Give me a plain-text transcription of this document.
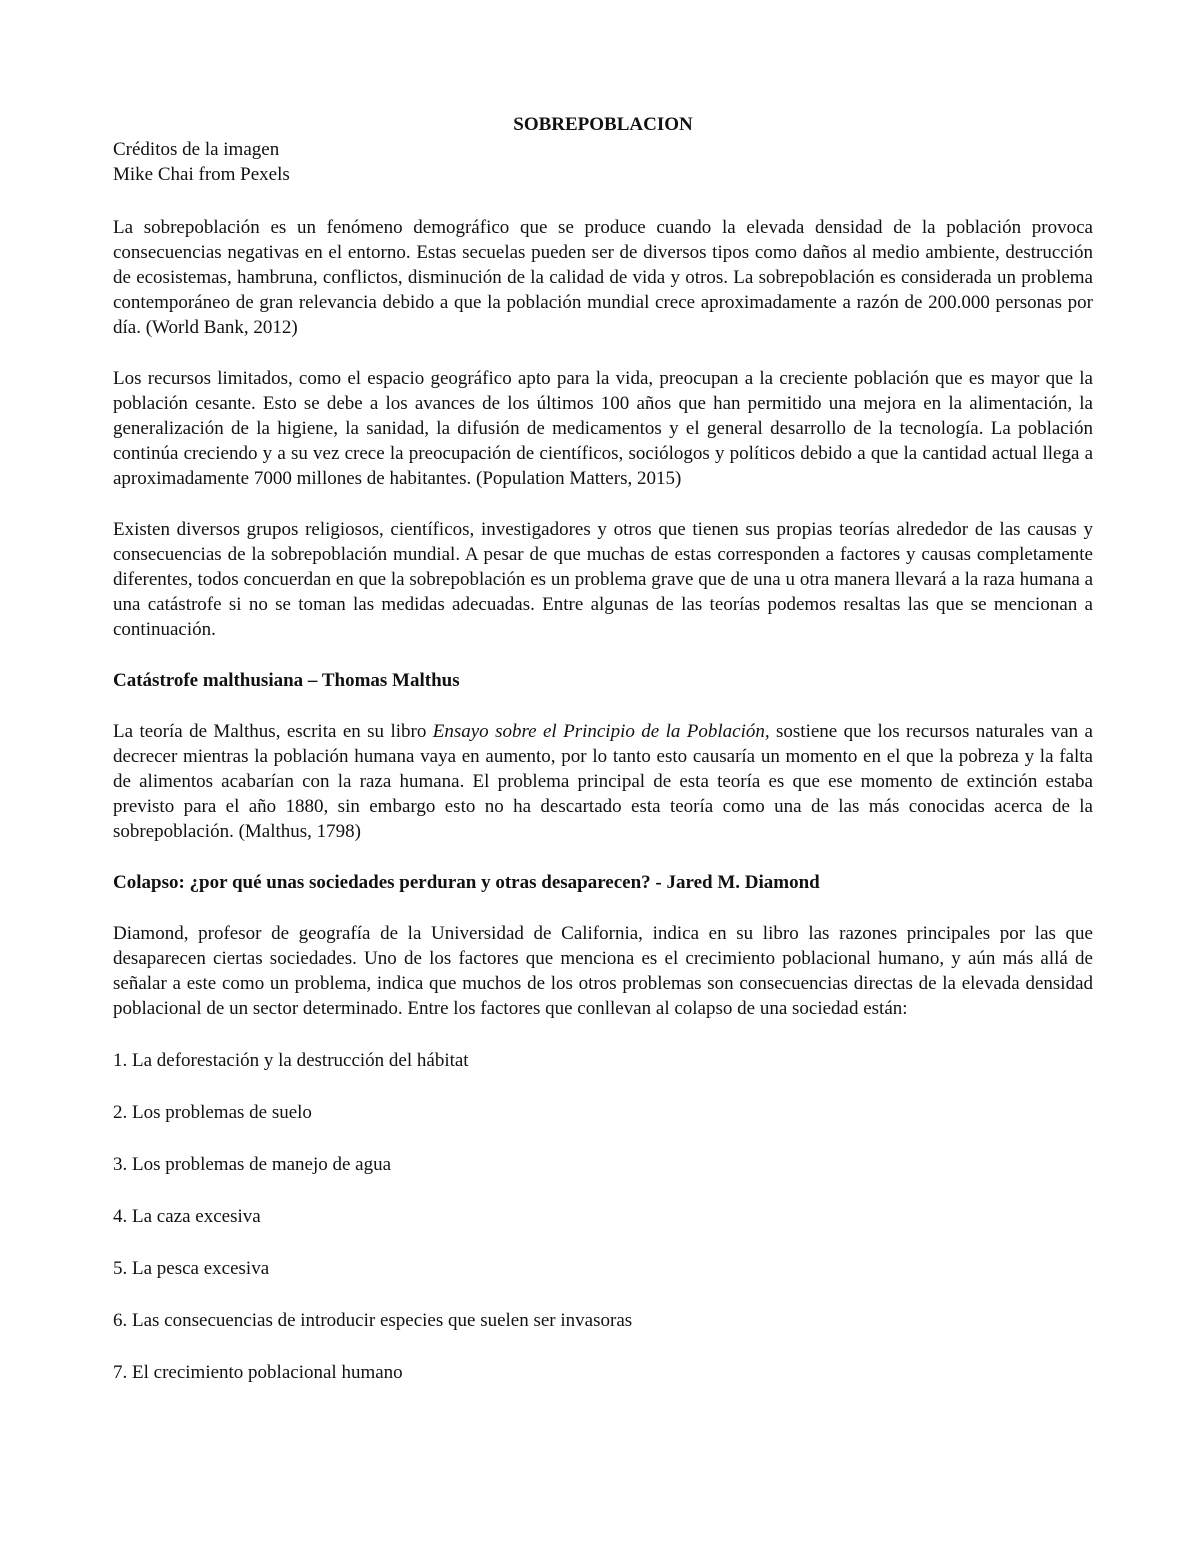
SOBREPOBLACION

Créditos de la imagen

Mike Chai from Pexels

La sobrepoblación es un fenómeno demográfico que se produce cuando la elevada densidad de la población provoca consecuencias negativas en el entorno. Estas secuelas pueden ser de diversos tipos como daños al medio ambiente, destrucción de ecosistemas, hambruna, conflictos, disminución de la calidad de vida y otros. La sobrepoblación es considerada un problema contemporáneo de gran relevancia debido a que la población mundial crece aproximadamente a razón de 200.000 personas por día. (World Bank, 2012)

Los recursos limitados, como el espacio geográfico apto para la vida, preocupan a la creciente población que es mayor que la población cesante. Esto se debe a los avances de los últimos 100 años que han permitido una mejora en la alimentación, la generalización de la higiene, la sanidad, la difusión de medicamentos y el general desarrollo de la tecnología. La población continúa creciendo y a su vez crece la preocupación de científicos, sociólogos y políticos debido a que la cantidad actual llega a aproximadamente 7000 millones de habitantes. (Population Matters, 2015)

Existen diversos grupos religiosos, científicos, investigadores y otros que tienen sus propias teorías alrededor de las causas y consecuencias de la sobrepoblación mundial. A pesar de que muchas de estas corresponden a factores y causas completamente diferentes, todos concuerdan en que la sobrepoblación es un problema grave que de una u otra manera llevará a la raza humana a una catástrofe si no se toman las medidas adecuadas. Entre algunas de las teorías podemos resaltas las que se mencionan a continuación.

Catástrofe malthusiana – Thomas Malthus

La teoría de Malthus, escrita en su libro Ensayo sobre el Principio de la Población, sostiene que los recursos naturales van a decrecer mientras la población humana vaya en aumento, por lo tanto esto causaría un momento en el que la pobreza y la falta de alimentos acabarían con la raza humana. El problema principal de esta teoría es que ese momento de extinción estaba previsto para el año 1880, sin embargo esto no ha descartado esta teoría como una de las más conocidas acerca de la sobrepoblación. (Malthus, 1798)

Colapso: ¿por qué unas sociedades perduran y otras desaparecen? - Jared M. Diamond

Diamond, profesor de geografía de la Universidad de California, indica en su libro las razones principales por las que desaparecen ciertas sociedades. Uno de los factores que menciona es el crecimiento poblacional humano, y aún más allá de señalar a este como un problema, indica que muchos de los otros problemas son consecuencias directas de la elevada densidad poblacional de un sector determinado. Entre los factores que conllevan al colapso de una sociedad están:

1. La deforestación y la destrucción del hábitat

2. Los problemas de suelo

3. Los problemas de manejo de agua

4. La caza excesiva

5. La pesca excesiva

6. Las consecuencias de introducir especies que suelen ser invasoras

7. El crecimiento poblacional humano
